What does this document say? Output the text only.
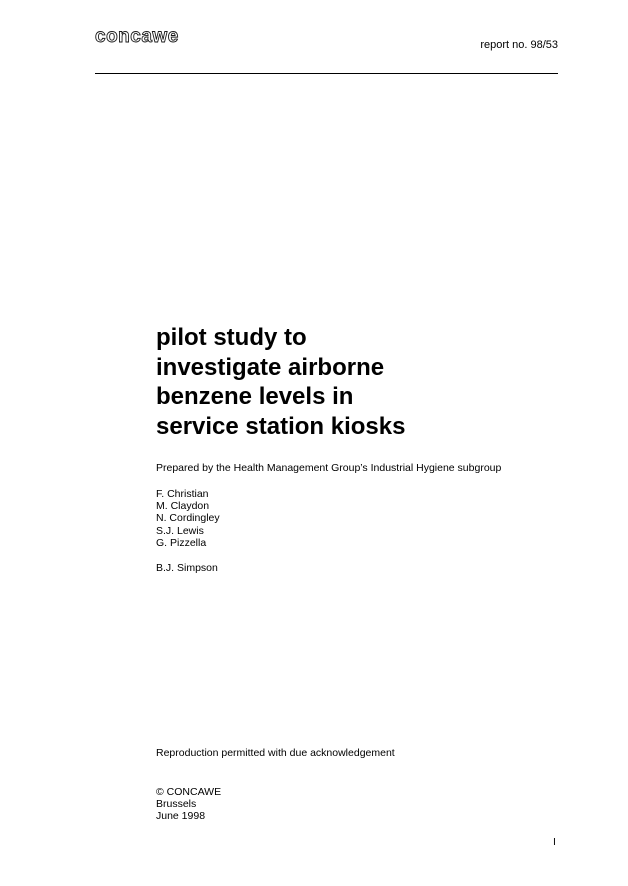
concawe	report no. 98/53
pilot study to
investigate airborne
benzene levels in
service station kiosks
Prepared by the Health Management Group’s Industrial Hygiene subgroup
F. Christian
M. Claydon
N. Cordingley
S.J. Lewis
G. Pizzella
B.J. Simpson
Reproduction permitted with due acknowledgement
© CONCAWE
Brussels
June 1998
I
